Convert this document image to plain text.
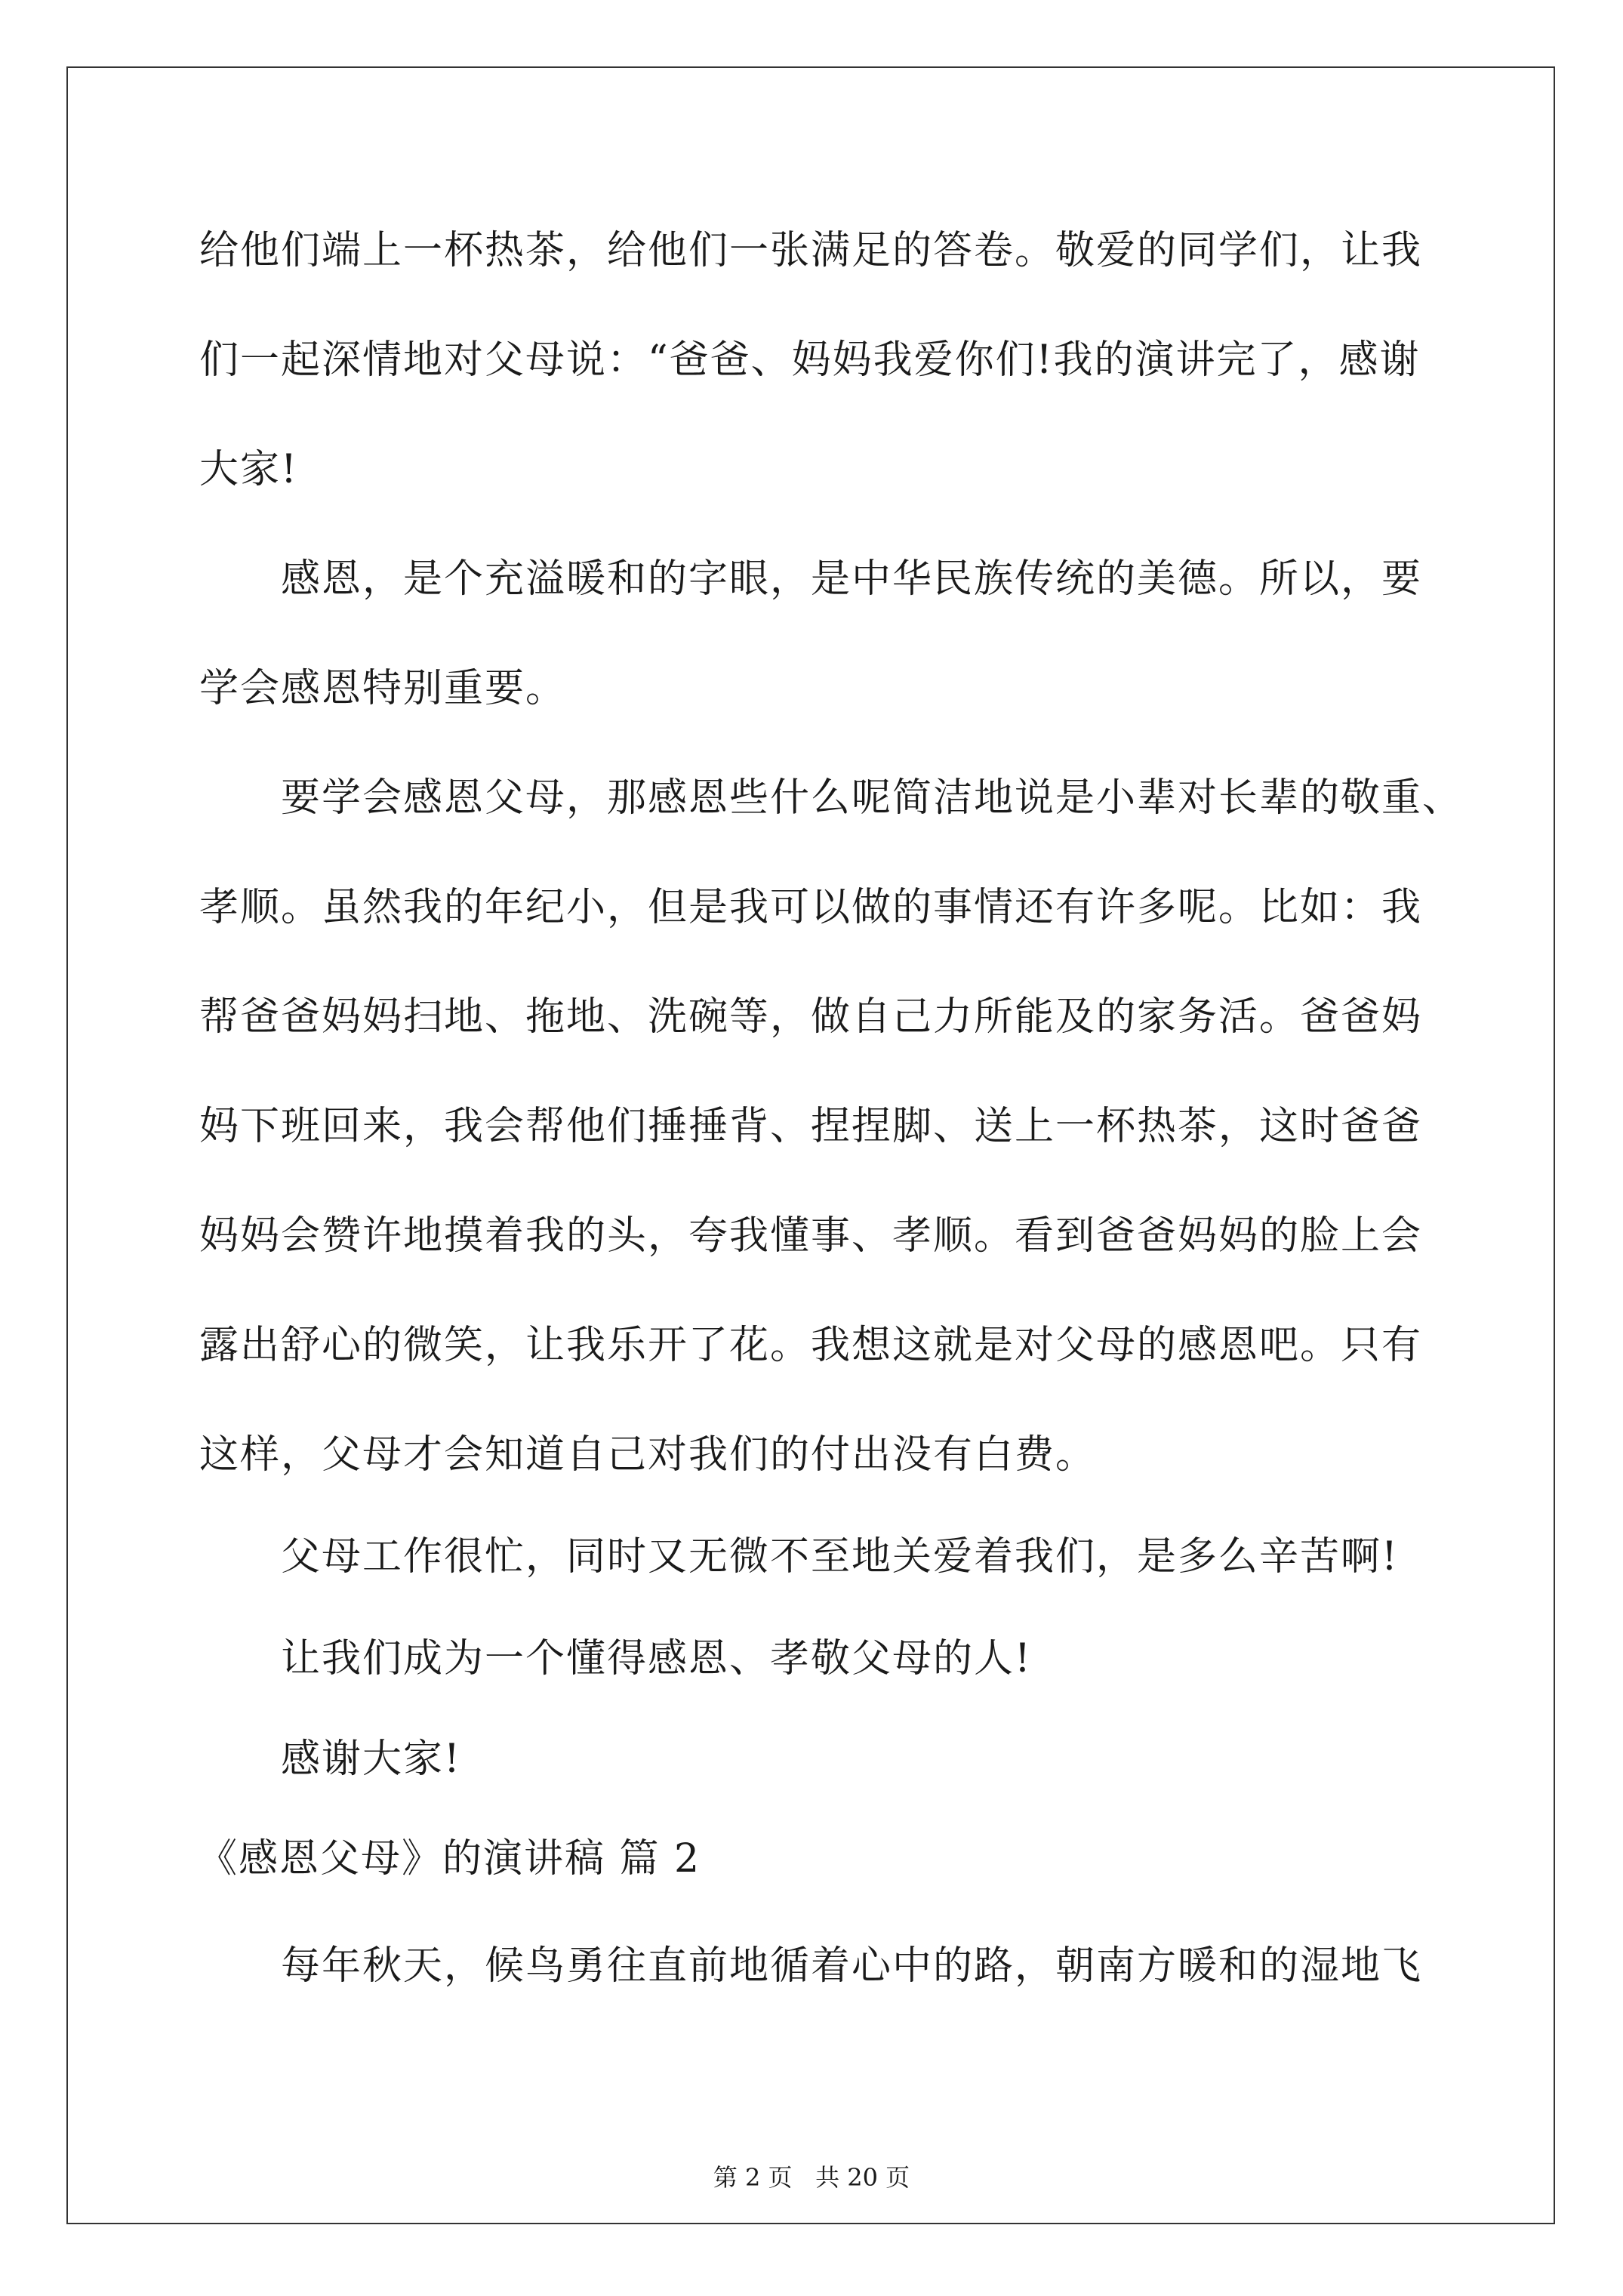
给他们端上一杯热茶，给他们一张满足的答卷。敬爱的同学们，让我
们一起深情地对父母说：“爸爸、妈妈我爱你们!我的演讲完了，感谢
大家!
感恩，是个充溢暖和的字眼，是中华民族传统的美德。所以，要
学会感恩特别重要。
要学会感恩父母，那感恩些什么呢简洁地说是小辈对长辈的敬重、
孝顺。虽然我的年纪小，但是我可以做的事情还有许多呢。比如：我
帮爸爸妈妈扫地、拖地、洗碗等，做自己力所能及的家务活。爸爸妈
妈下班回来，我会帮他们捶捶背、捏捏脚、送上一杯热茶，这时爸爸
妈妈会赞许地摸着我的头，夸我懂事、孝顺。看到爸爸妈妈的脸上会
露出舒心的微笑，让我乐开了花。我想这就是对父母的感恩吧。只有
这样，父母才会知道自己对我们的付出没有白费。
父母工作很忙，同时又无微不至地关爱着我们，是多么辛苦啊!
让我们成为一个懂得感恩、孝敬父母的人!
感谢大家!
《感恩父母》的演讲稿 篇 2
每年秋天，候鸟勇往直前地循着心中的路，朝南方暖和的湿地飞
第 2 页   共 20 页
